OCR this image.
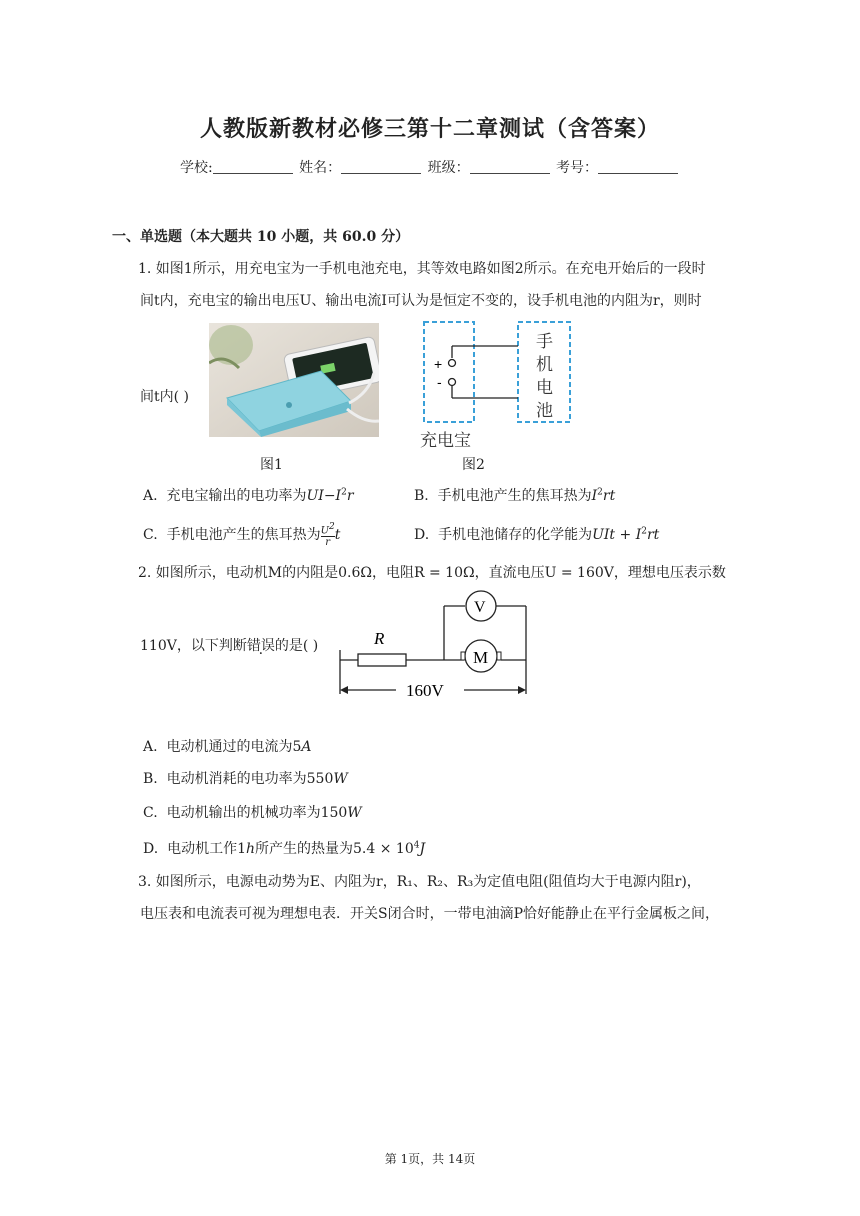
人教版新教材必修三第十二章测试（含答案）
学校:	姓名：	班级：	考号：
一、单选题（本大题共 10 小题，共 60.0 分）
1. 如图1所示，用充电宝为一手机电池充电，其等效电路如图2所示。在充电开始后的一段时
间t内，充电宝的输出电压U、输出电流I可认为是恒定不变的，设手机电池的内阻为r，则时
间t内( )
图1
+
-
手 机 电 池
充电宝
图2
A.  充电宝输出的电功率为$UI-I^2r$	B.  手机电池产生的焦耳热为$I^2rt$
C.  手机电池产生的焦耳热为 $\frac{U^2}{r}$ t	D.  手机电池储存的化学能为UIt + $I^2rt$
2. 如图所示，电动机M的内阻是0.6Ω，电阻R = 10Ω，直流电压U = 160V，理想电压表示数
110V，以下判断错误的是( )	R
V
M
160V
A.  电动机通过的电流为5A
B.  电动机消耗的电功率为550W
C.  电动机输出的机械功率为150W
D.  电动机工作1h所产生的热量为$5.4 \times 10^4J$
3. 如图所示，电源电动势为E、内阻为r，R₁、R₂、R₃为定值电阻(阻值均大于电源内阻r)，
电压表和电流表可视为理想电表．开关S闭合时，一带电油滴P恰好能静止在平行金属板之间，
第 1页，共 14页
